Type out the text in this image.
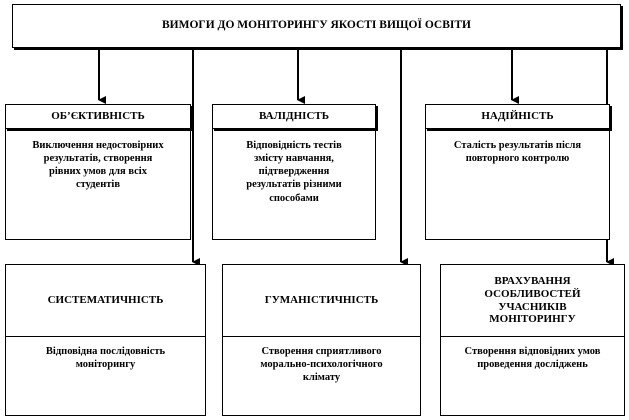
ВИМОГИ ДО МОНІТОРИНГУ ЯКОСТІ ВИЩОЇ ОСВІТИ
ОБ’ЄКТИВНІСТЬ
Виключення недостовірних результатів, створення рівних умов для всіх студентів
ВАЛІДНІСТЬ
Відповідність тестів змісту навчання, підтвердження результатів різними способами
НАДІЙНІСТЬ
Сталість результатів після повторного контролю
СИСТЕМАТИЧНІСТЬ
Відповідна послідовність моніторингу
ГУМАНІСТИЧНІСТЬ
Створення сприятливого морально-психологічного клімату
ВРАХУВАННЯ ОСОБЛИВОСТЕЙ УЧАСНИКІВ МОНІТОРИНГУ
Створення відповідних умов проведення досліджень
